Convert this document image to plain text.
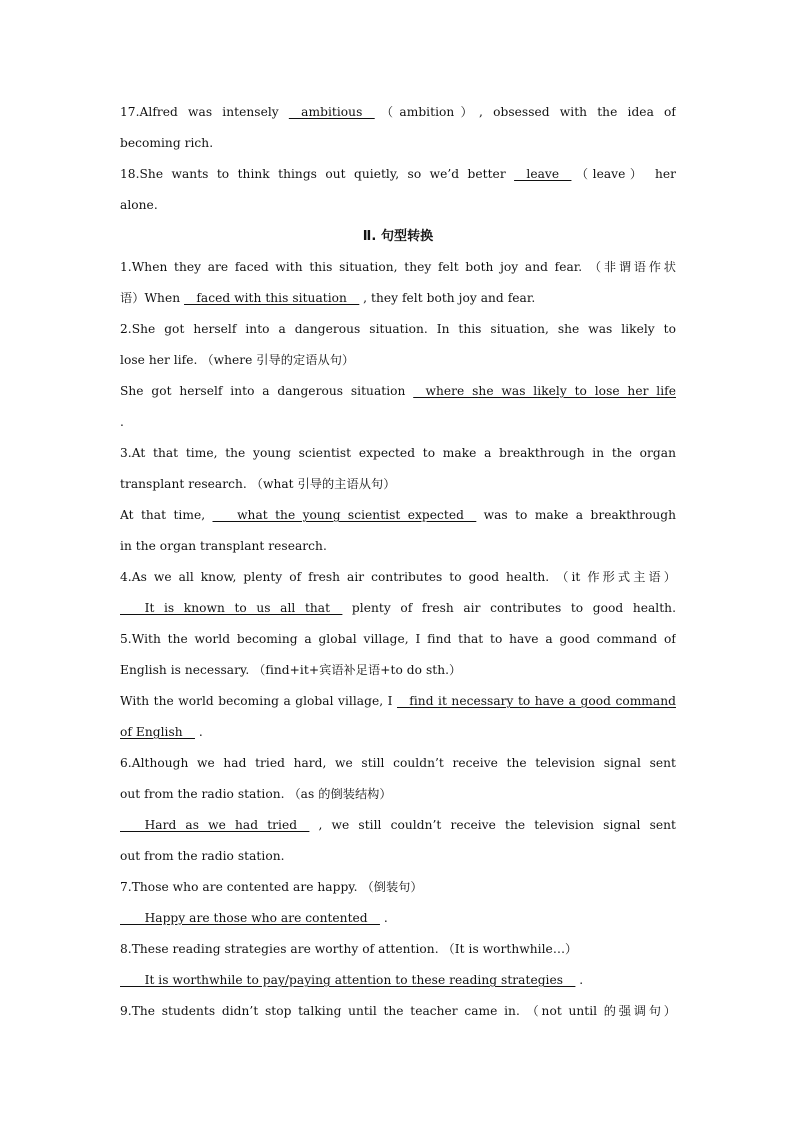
17.Alfred was intensely __ambitious__（ambition）, obsessed with the idea of
becoming rich.
18.She wants to think things out quietly, so we’d better __leave__（leave） her
alone.
Ⅱ. 句型转换
1.When they are faced with this situation, they felt both joy and fear. （非谓语作状
语）When __faced with this situation__ , they felt both joy and fear.
2.She got herself into a dangerous situation. In this situation, she was likely to
lose her life. （where 引导的定语从句）
She got herself into a dangerous situation __where she was likely to lose her life
.
3.At that time, the young scientist expected to make a breakthrough in the organ
transplant research. （what 引导的主语从句）
At that time, ____what the young scientist expected__ was to make a breakthrough
in the organ transplant research.
4.As we all know, plenty of fresh air contributes to good health. （it 作形式主语）
____It is known to us all that__ plenty of fresh air contributes to good health.
5.With the world becoming a global village, I find that to have a good command of
English is necessary. （find+it+宾语补足语+to do sth.）
With the world becoming a global village, I __find it necessary to have a good command
of English__ .
6.Although we had tried hard, we still couldn’t receive the television signal sent
out from the radio station. （as 的倒装结构）
____Hard as we had tried__ , we still couldn’t receive the television signal sent
out from the radio station.
7.Those who are contented are happy. （倒装句）
____Happy are those who are contented__ .
8.These reading strategies are worthy of attention. （It is worthwhile…）
____It is worthwhile to pay/paying attention to these reading strategies__ .
9.The students didn’t stop talking until the teacher came in. （not until 的强调句）
